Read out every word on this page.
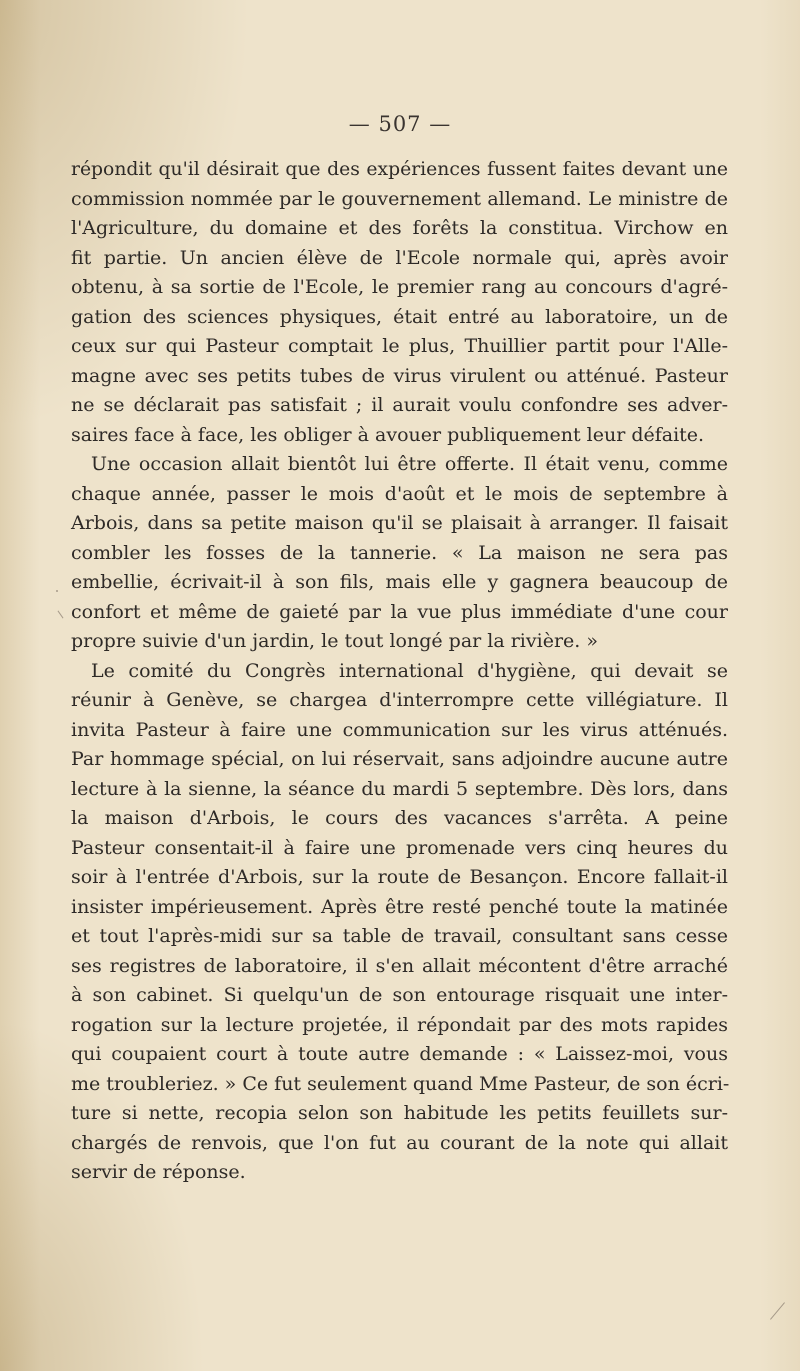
— 507 —
répondit qu'il désirait que des expériences fussent faites devant une
commission nommée par le gouvernement allemand. Le ministre de
l'Agriculture, du domaine et des forêts la constitua. Virchow en
fit partie. Un ancien élève de l'Ecole normale qui, après avoir
obtenu, à sa sortie de l'Ecole, le premier rang au concours d'agré-
gation des sciences physiques, était entré au laboratoire, un de
ceux sur qui Pasteur comptait le plus, Thuillier partit pour l'Alle-
magne avec ses petits tubes de virus virulent ou atténué. Pasteur
ne se déclarait pas satisfait ; il aurait voulu confondre ses adver-
saires face à face, les obliger à avouer publiquement leur défaite.
Une occasion allait bientôt lui être offerte. Il était venu, comme
chaque année, passer le mois d'août et le mois de septembre à
Arbois, dans sa petite maison qu'il se plaisait à arranger. Il faisait
combler les fosses de la tannerie. « La maison ne sera pas
embellie, écrivait-il à son fils, mais elle y gagnera beaucoup de
confort et même de gaieté par la vue plus immédiate d'une cour
propre suivie d'un jardin, le tout longé par la rivière. »
Le comité du Congrès international d'hygiène, qui devait se
réunir à Genève, se chargea d'interrompre cette villégiature. Il
invita Pasteur à faire une communication sur les virus atténués.
Par hommage spécial, on lui réservait, sans adjoindre aucune autre
lecture à la sienne, la séance du mardi 5 septembre. Dès lors, dans
la maison d'Arbois, le cours des vacances s'arrêta. A peine
Pasteur consentait-il à faire une promenade vers cinq heures du
soir à l'entrée d'Arbois, sur la route de Besançon. Encore fallait-il
insister impérieusement. Après être resté penché toute la matinée
et tout l'après-midi sur sa table de travail, consultant sans cesse
ses registres de laboratoire, il s'en allait mécontent d'être arraché
à son cabinet. Si quelqu'un de son entourage risquait une inter-
rogation sur la lecture projetée, il répondait par des mots rapides
qui coupaient court à toute autre demande : « Laissez-moi, vous
me troubleriez. » Ce fut seulement quand Mme Pasteur, de son écri-
ture si nette, recopia selon son habitude les petits feuillets sur-
chargés de renvois, que l'on fut au courant de la note qui allait
servir de réponse.
